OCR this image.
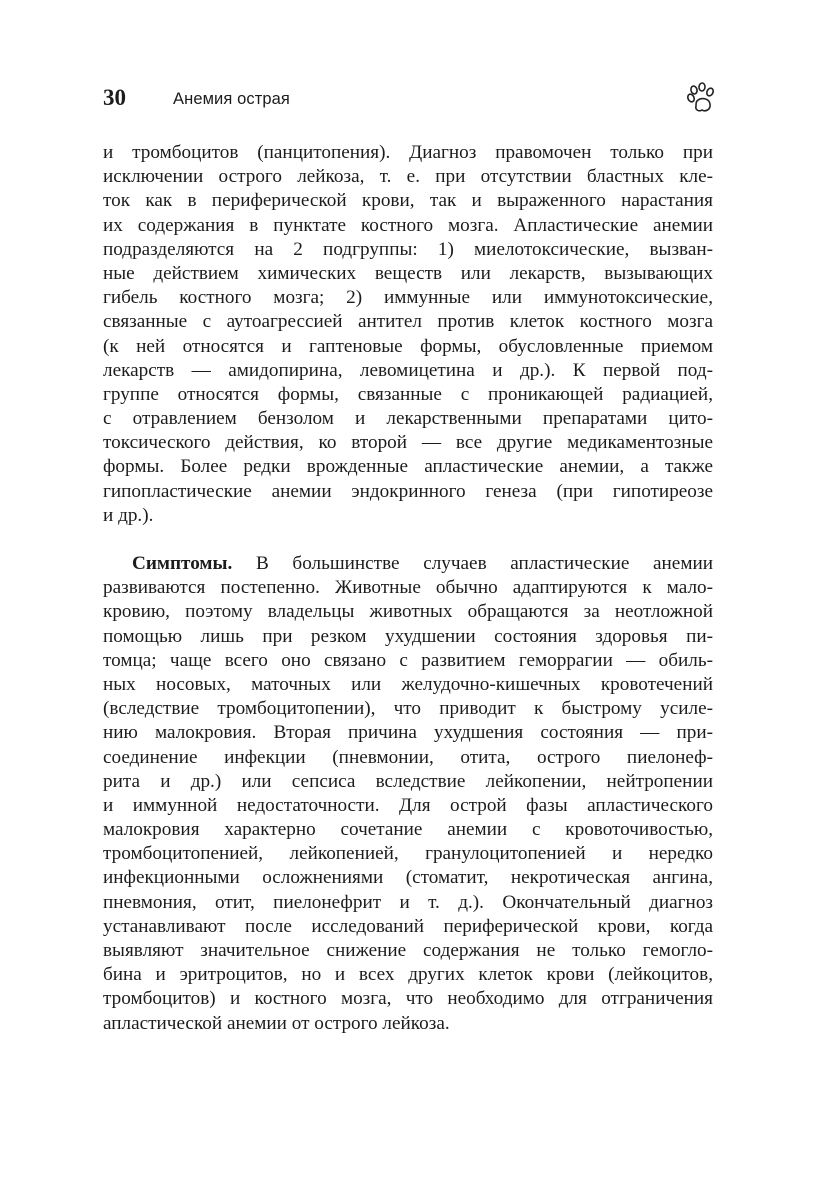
30	Анемия острая
и тромбоцитов (панцитопения). Диагноз правомочен только при
исключении острого лейкоза, т. е. при отсутствии бластных кле-
ток как в периферической крови, так и выраженного нарастания
их содержания в пунктате костного мозга. Апластические анемии
подразделяются на 2 подгруппы: 1) миелотоксические, вызван-
ные действием химических веществ или лекарств, вызывающих
гибель костного мозга; 2) иммунные или иммунотоксические,
связанные с аутоагрессией антител против клеток костного мозга
(к ней относятся и гаптеновые формы, обусловленные приемом
лекарств — амидопирина, левомицетина и др.). К первой под-
группе относятся формы, связанные с проникающей радиацией,
с отравлением бензолом и лекарственными препаратами цито-
токсического действия, ко второй — все другие медикаментозные
формы. Более редки врожденные апластические анемии, а также
гипопластические анемии эндокринного генеза (при гипотиреозе
и др.).
Симптомы. В большинстве случаев апластические анемии
развиваются постепенно. Животные обычно адаптируются к мало-
кровию, поэтому владельцы животных обращаются за неотложной
помощью лишь при резком ухудшении состояния здоровья пи-
томца; чаще всего оно связано с развитием геморрагии — обиль-
ных носовых, маточных или желудочно-кишечных кровотечений
(вследствие тромбоцитопении), что приводит к быстрому усиле-
нию малокровия. Вторая причина ухудшения состояния — при-
соединение инфекции (пневмонии, отита, острого пиелонеф-
рита и др.) или сепсиса вследствие лейкопении, нейтропении
и иммунной недостаточности. Для острой фазы апластического
малокровия характерно сочетание анемии с кровоточивостью,
тромбоцитопенией, лейкопенией, гранулоцитопенией и нередко
инфекционными осложнениями (стоматит, некротическая ангина,
пневмония, отит, пиелонефрит и т. д.). Окончательный диагноз
устанавливают после исследований периферической крови, когда
выявляют значительное снижение содержания не только гемогло-
бина и эритроцитов, но и всех других клеток крови (лейкоцитов,
тромбоцитов) и костного мозга, что необходимо для отграничения
апластической анемии от острого лейкоза.
